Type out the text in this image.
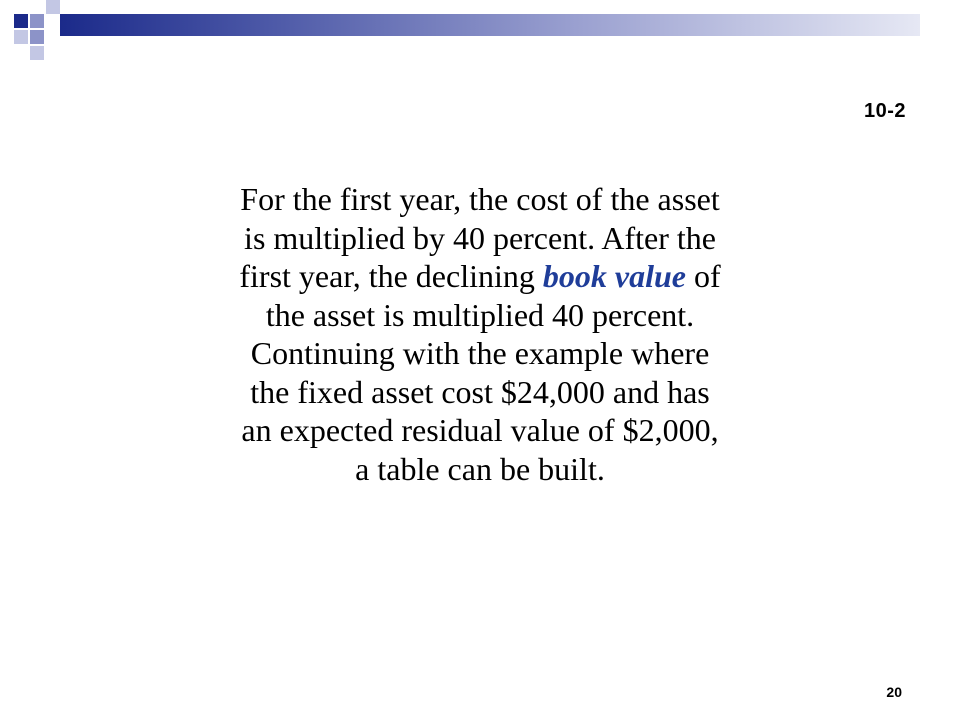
10-2
For the first year, the cost of the asset
is multiplied by 40 percent. After the
first year, the declining book value of
the asset is multiplied 40 percent.
Continuing with the example where
the fixed asset cost $24,000 and has
an expected residual value of $2,000,
a table can be built.
20
